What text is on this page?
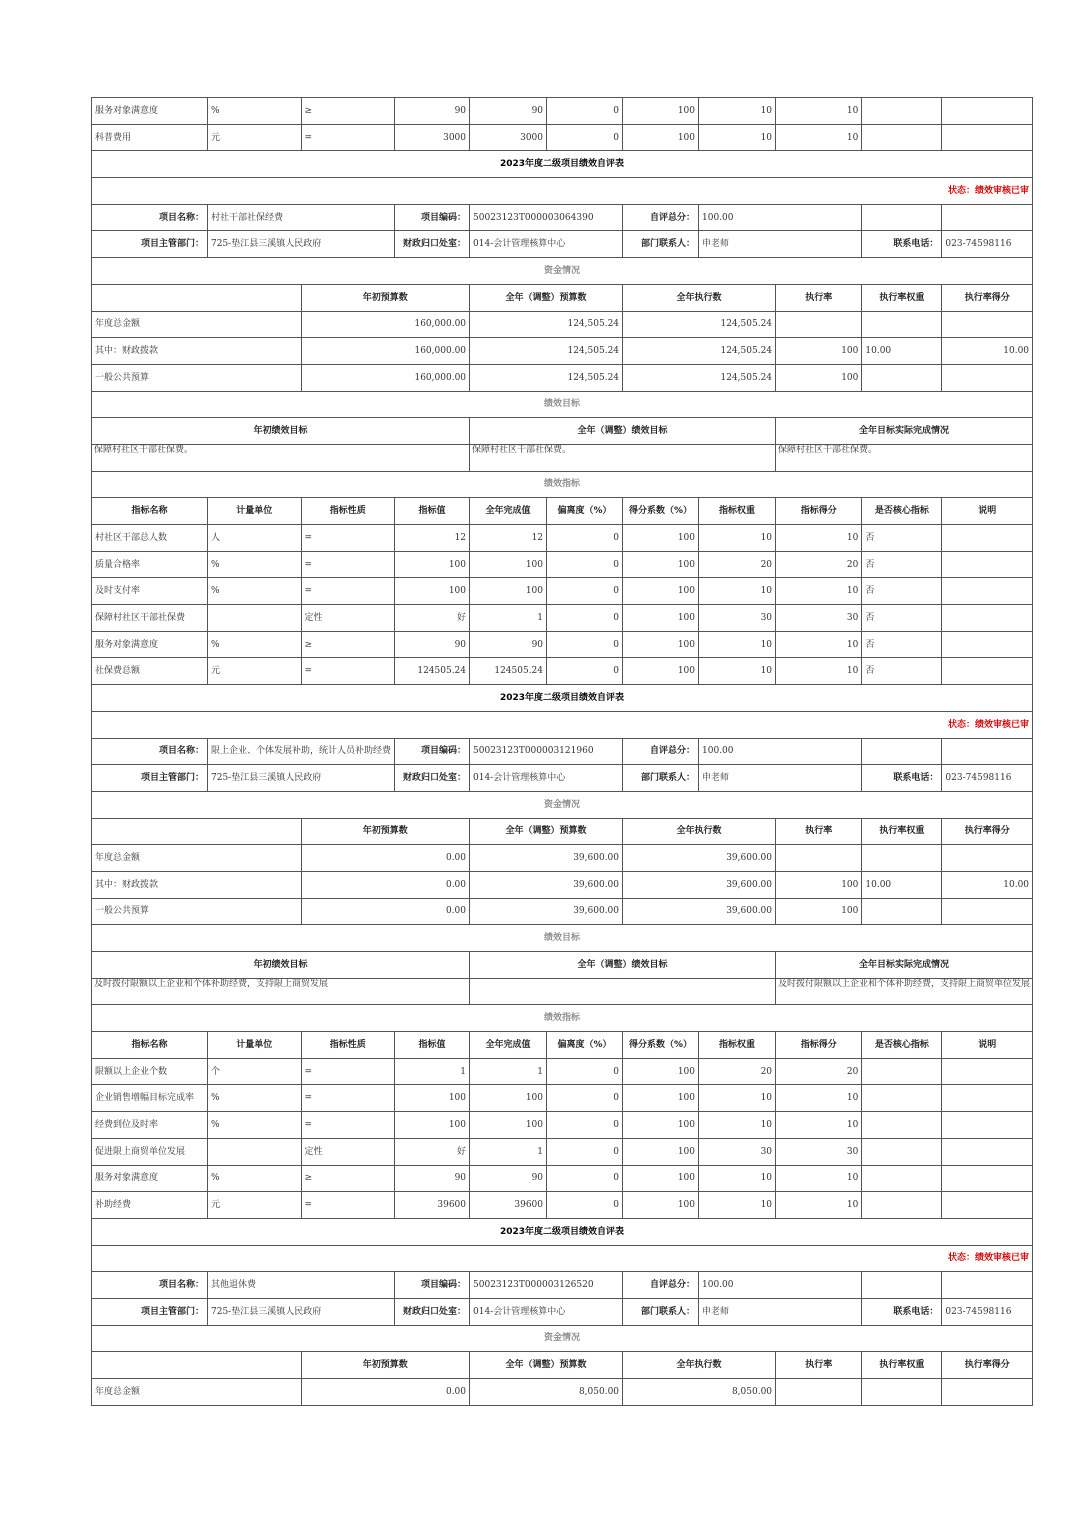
服务对象满意度	%	≥	90	90	0	100	10	10		
科普费用	元	=	3000	3000	0	100	10	10		
2023年度二级项目绩效自评表										
状态：绩效审核已审										
项目名称：	村社干部社保经费		项目编码：	50023123T000003064390		自评总分：	100.00			
项目主管部门：	725-垫江县三溪镇人民政府		财政归口处室：	014-会计管理核算中心		部门联系人：	申老师		联系电话：	023-74598116
资金情况										
		年初预算数		全年（调整）预算数		全年执行数		执行率	执行率权重	执行率得分
年度总金额		160,000.00		124,505.24		124,505.24				
其中：财政拨款		160,000.00		124,505.24		124,505.24		100	10.00	10.00
一般公共预算		160,000.00		124,505.24		124,505.24		100		
绩效目标										
年初绩效目标				全年（调整）绩效目标				全年目标实际完成情况		
保障村社区干部社保费。				保障村社区干部社保费。				保障村社区干部社保费。		
绩效指标										
指标名称	计量单位	指标性质	指标值	全年完成值	偏离度（%）	得分系数（%）	指标权重	指标得分	是否核心指标	说明
村社区干部总人数	人	=	12	12	0	100	10	10	否	
质量合格率	%	=	100	100	0	100	20	20	否	
及时支付率	%	=	100	100	0	100	10	10	否	
保障村社区干部社保费		定性	好	1	0	100	30	30	否	
服务对象满意度	%	≥	90	90	0	100	10	10	否	
社保费总额	元	=	124505.24	124505.24	0	100	10	10	否	
2023年度二级项目绩效自评表										
状态：绩效审核已审										
项目名称：	限上企业、个体发展补助，统计人员补助经费		项目编码：	50023123T000003121960		自评总分：	100.00			
项目主管部门：	725-垫江县三溪镇人民政府		财政归口处室：	014-会计管理核算中心		部门联系人：	申老师		联系电话：	023-74598116
资金情况										
		年初预算数		全年（调整）预算数		全年执行数		执行率	执行率权重	执行率得分
年度总金额		0.00		39,600.00		39,600.00				
其中：财政拨款		0.00		39,600.00		39,600.00		100	10.00	10.00
一般公共预算		0.00		39,600.00		39,600.00		100		
绩效目标										
年初绩效目标				全年（调整）绩效目标				全年目标实际完成情况		
及时拨付限额以上企业和个体补助经费，支持限上商贸发展								及时拨付限额以上企业和个体补助经费，支持限上商贸单位发展		
绩效指标										
指标名称	计量单位	指标性质	指标值	全年完成值	偏离度（%）	得分系数（%）	指标权重	指标得分	是否核心指标	说明
限额以上企业个数	个	=	1	1	0	100	20	20		
企业销售增幅目标完成率	%	=	100	100	0	100	10	10		
经费到位及时率	%	=	100	100	0	100	10	10		
促进限上商贸单位发展		定性	好	1	0	100	30	30		
服务对象满意度	%	≥	90	90	0	100	10	10		
补助经费	元	=	39600	39600	0	100	10	10		
2023年度二级项目绩效自评表										
状态：绩效审核已审										
项目名称：	其他退休费		项目编码：	50023123T000003126520		自评总分：	100.00			
项目主管部门：	725-垫江县三溪镇人民政府		财政归口处室：	014-会计管理核算中心		部门联系人：	申老师		联系电话：	023-74598116
资金情况										
		年初预算数		全年（调整）预算数		全年执行数		执行率	执行率权重	执行率得分
年度总金额		0.00		8,050.00		8,050.00				
